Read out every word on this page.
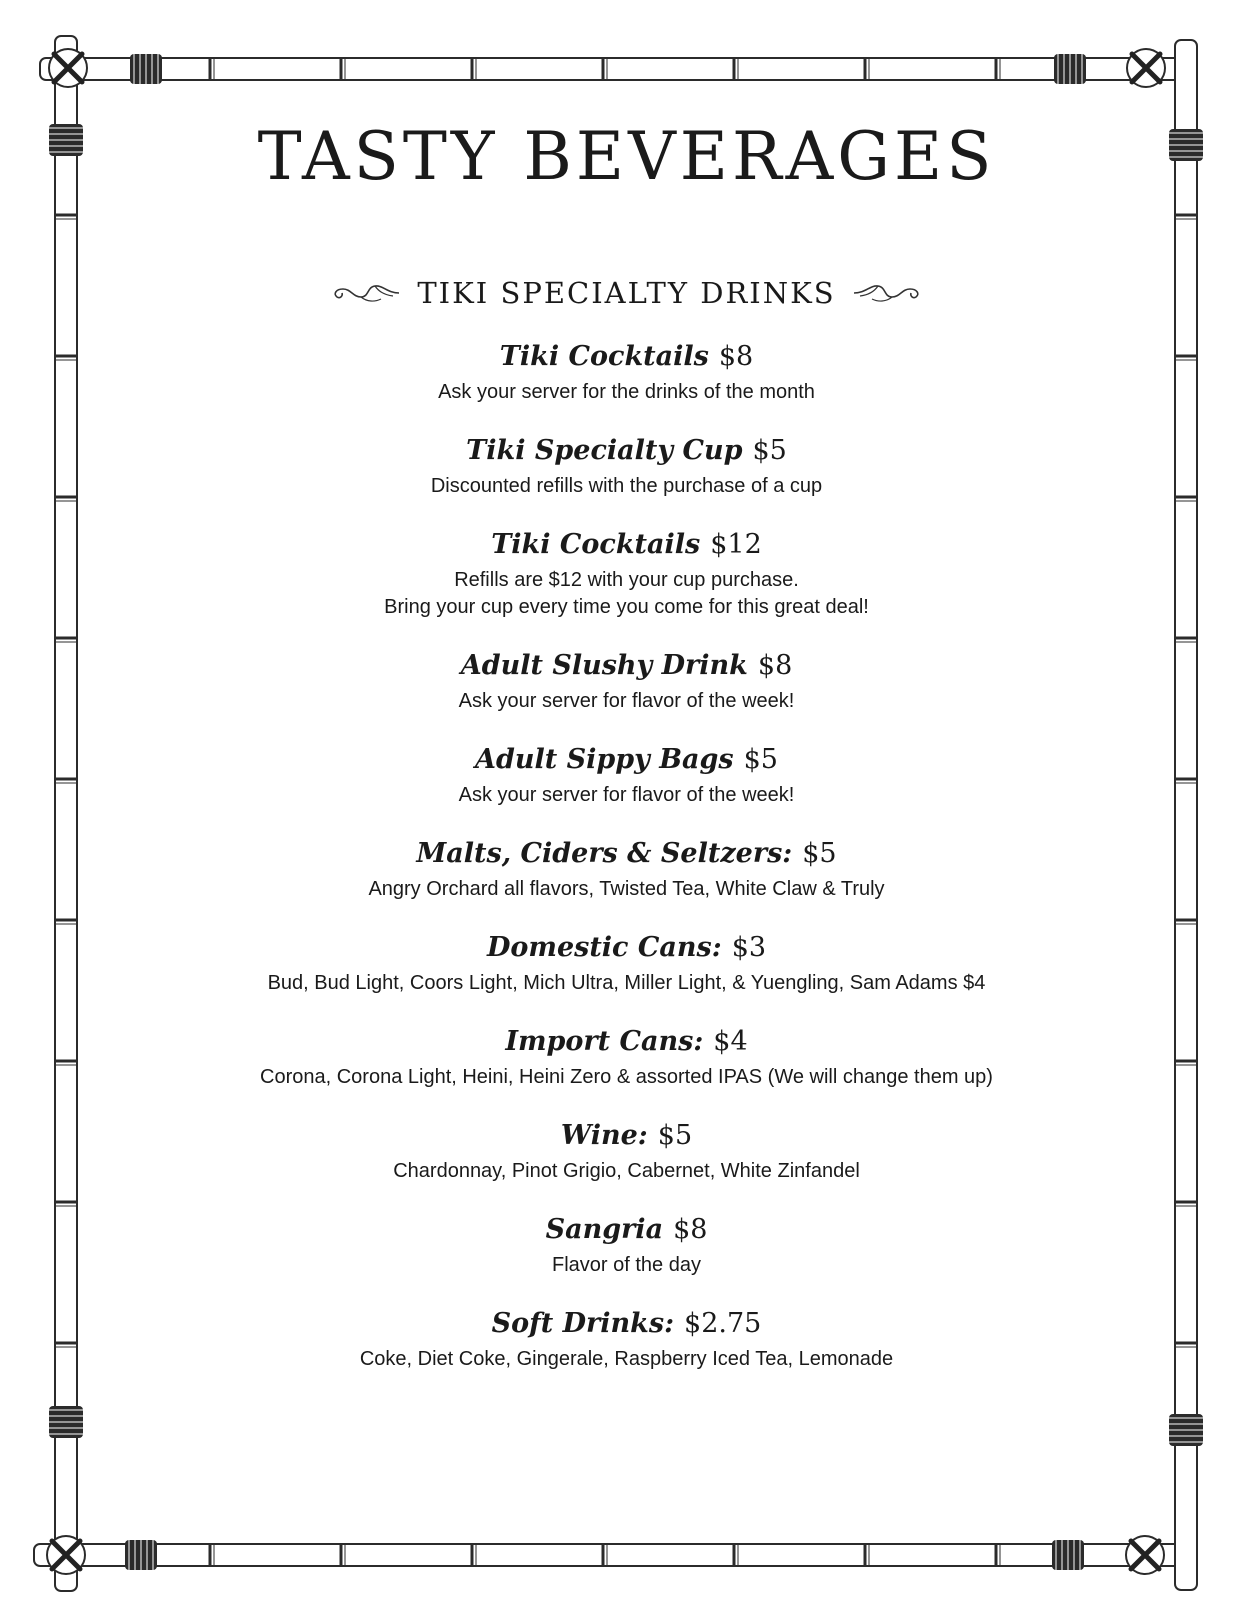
TASTY BEVERAGES
TIKI SPECIALTY DRINKS
Tiki Cocktails $8
Ask your server for the drinks of the month
Tiki Specialty Cup $5
Discounted refills with the purchase of a cup
Tiki Cocktails $12
Refills are $12 with your cup purchase.
Bring your cup every time you come for this great deal!
Adult Slushy Drink $8
Ask your server for flavor of the week!
Adult Sippy Bags $5
Ask your server for flavor of the week!
Malts, Ciders & Seltzers: $5
Angry Orchard all flavors, Twisted Tea, White Claw & Truly
Domestic Cans: $3
Bud, Bud Light, Coors Light, Mich Ultra, Miller Light, & Yuengling, Sam Adams $4
Import Cans: $4
Corona, Corona Light, Heini, Heini Zero & assorted IPAS (We will change them up)
Wine: $5
Chardonnay, Pinot Grigio, Cabernet, White Zinfandel
Sangria $8
Flavor of the day
Soft Drinks: $2.75
Coke, Diet Coke, Gingerale, Raspberry Iced Tea, Lemonade
